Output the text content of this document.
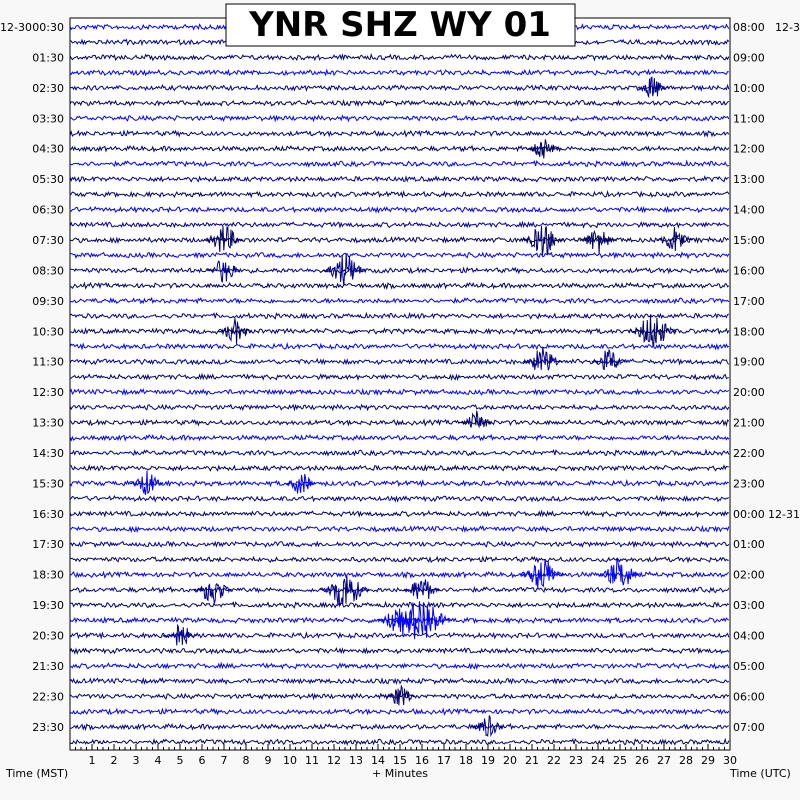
00:30
01:30
02:30
03:30
04:30
05:30
06:30
07:30
08:30
09:30
10:30
11:30
12:30
13:30
14:30
15:30
16:30
17:30
18:30
19:30
20:30
21:30
22:30
23:30
08:00
09:00
10:00
11:00
12:00
13:00
14:00
15:00
16:00
17:00
18:00
19:00
20:00
21:00
22:00
23:00
00:00
01:00
02:00
03:00
04:00
05:00
06:00
07:00
12-31
1 2 3 4 5 6 7 8 9 10 11 12 13 14 15 16 17 18 19 20 21 22 23 24 25 26 27 28 29 30
12-30	12-3
YNR SHZ WY 01
Time (MST)	+ Minutes	Time (UTC)
